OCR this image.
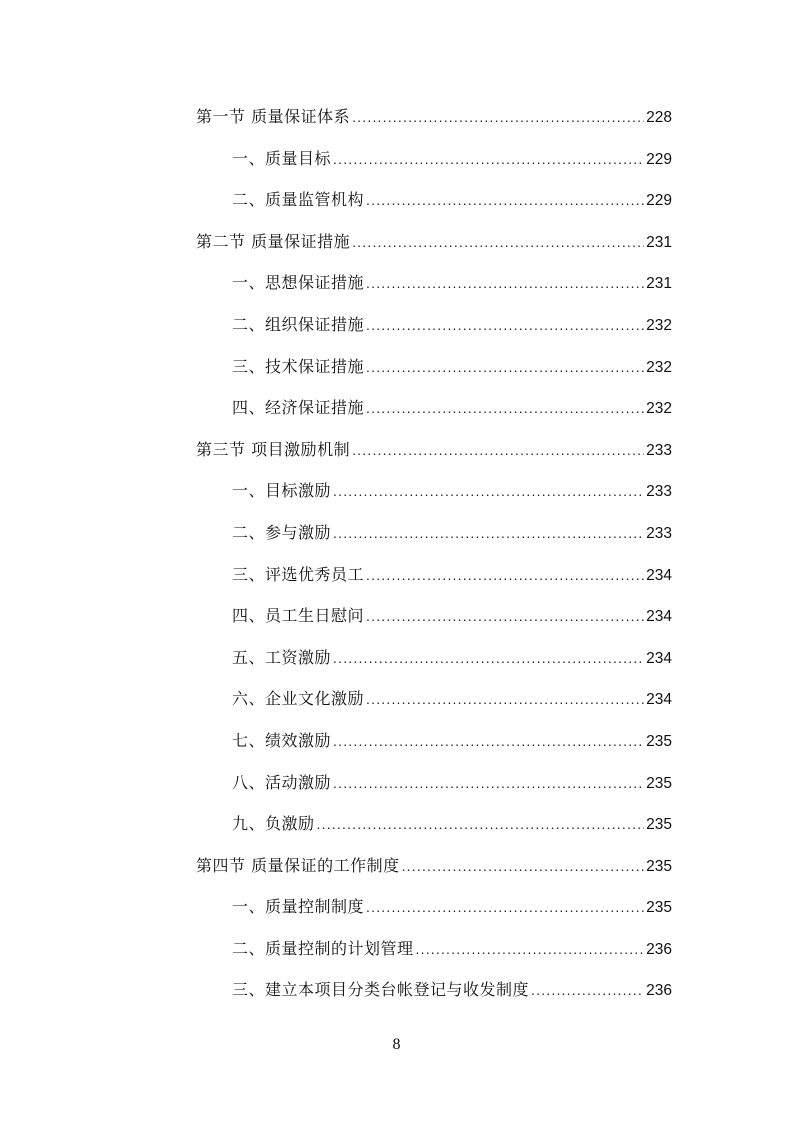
第一节 质量保证体系 .....	228
一、质量目标 .....	229
二、质量监管机构 .....	229
第二节 质量保证措施 .....	231
一、思想保证措施 .....	231
二、组织保证措施 .....	232
三、技术保证措施 .....	232
四、经济保证措施 .....	232
第三节 项目激励机制 .....	233
一、目标激励 .....	233
二、参与激励 .....	233
三、评选优秀员工 .....	234
四、员工生日慰问 .....	234
五、工资激励 .....	234
六、企业文化激励 .....	234
七、绩效激励 .....	235
八、活动激励 .....	235
九、负激励 .....	235
第四节 质量保证的工作制度 .....	235
一、质量控制制度 .....	235
二、质量控制的计划管理 .....	236
三、建立本项目分类台帐登记与收发制度 .....	236
8
